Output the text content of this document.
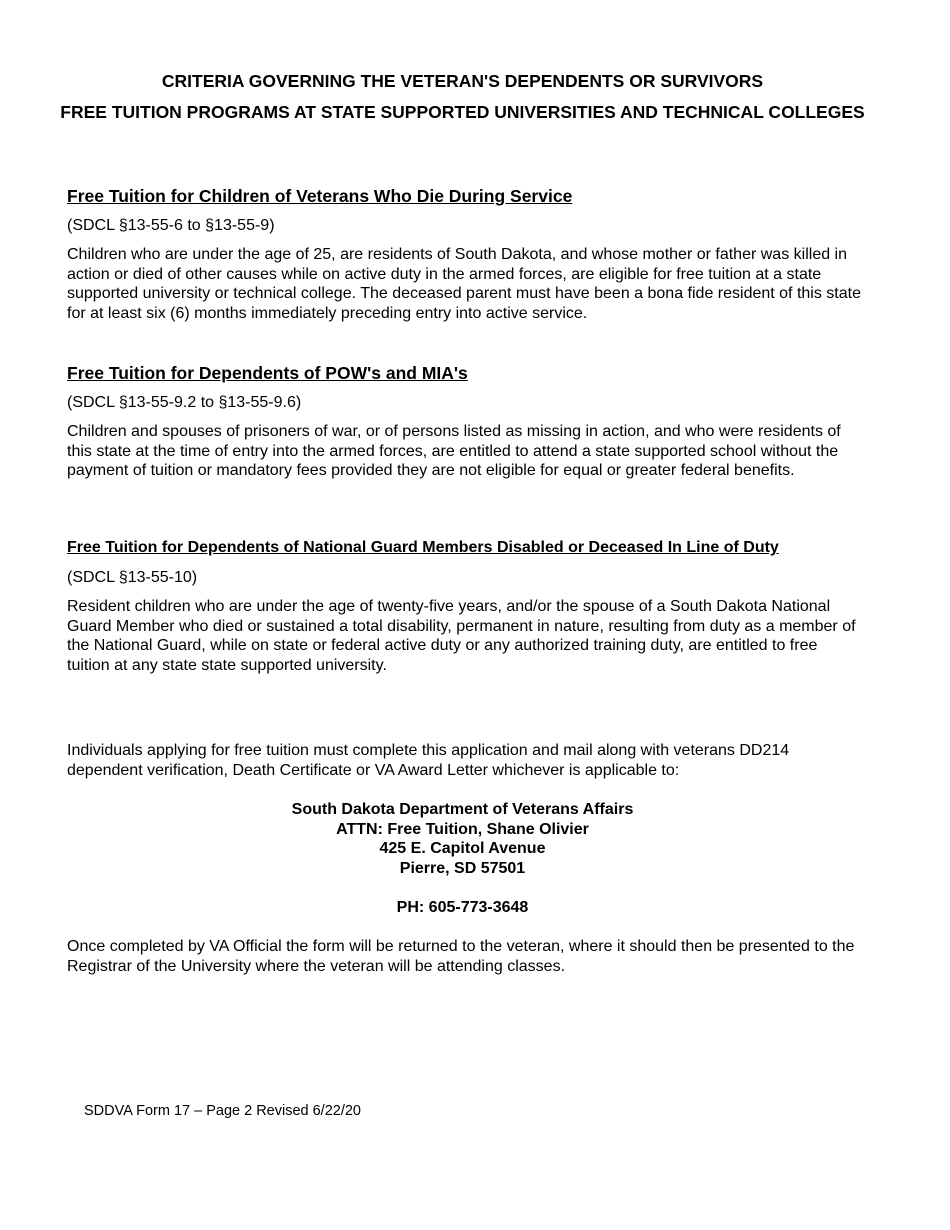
CRITERIA GOVERNING THE VETERAN'S DEPENDENTS OR SURVIVORS
FREE TUITION PROGRAMS AT STATE SUPPORTED UNIVERSITIES AND TECHNICAL COLLEGES
Free Tuition for Children of Veterans Who Die During Service

(SDCL §13-55-6 to §13-55-9)

Children who are under the age of 25, are residents of South Dakota, and whose mother or father was killed in action or died of other causes while on active duty in the armed forces, are eligible for free tuition at a state supported university or technical college. The deceased parent must have been a bona fide resident of this state for at least six (6) months immediately preceding entry into active service.

Free Tuition for Dependents of POW's and MIA's

(SDCL §13-55-9.2 to §13-55-9.6)

Children and spouses of prisoners of war, or of persons listed as missing in action, and who were residents of this state at the time of entry into the armed forces, are entitled to attend a state supported school without the payment of tuition or mandatory fees provided they are not eligible for equal or greater federal benefits.

Free Tuition for Dependents of National Guard Members Disabled or Deceased In Line of Duty

(SDCL §13-55-10)

Resident children who are under the age of twenty-five years, and/or the spouse of a South Dakota National Guard Member who died or sustained a total disability, permanent in nature, resulting from duty as a member of the National Guard, while on state or federal active duty or any authorized training duty, are entitled to free tuition at any state state supported university.

Individuals applying for free tuition must complete this application and mail along with veterans DD214 dependent verification, Death Certificate or VA Award Letter whichever is applicable to:

South Dakota Department of Veterans Affairs
ATTN: Free Tuition, Shane Olivier
425 E. Capitol Avenue
Pierre, SD 57501

PH: 605-773-3648

Once completed by VA Official the form will be returned to the veteran, where it should then be presented to the Registrar of the University where the veteran will be attending classes.

SDDVA Form 17 – Page 2 Revised 6/22/20
